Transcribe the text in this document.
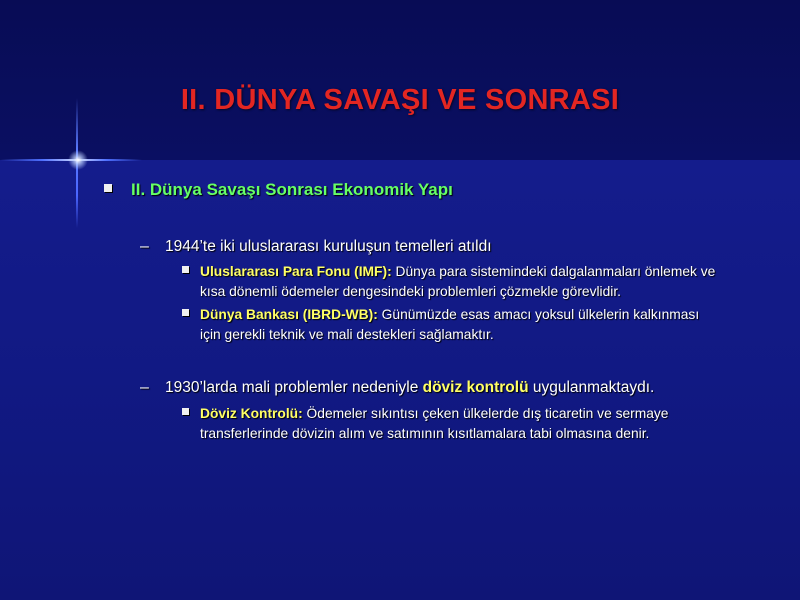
II. DÜNYA SAVAŞI VE SONRASI
II. Dünya Savaşı Sonrası Ekonomik Yapı
– 1944’te iki uluslararası kuruluşun temelleri atıldı
Uluslararası Para Fonu (IMF): Dünya para sistemindeki dalgalanmaları önlemek ve
kısa dönemli ödemeler dengesindeki problemleri çözmekle görevlidir.
Dünya Bankası (IBRD-WB): Günümüzde esas amacı yoksul ülkelerin kalkınması
için gerekli teknik ve mali destekleri sağlamaktır.
– 1930’larda mali problemler nedeniyle döviz kontrolü uygulanmaktaydı.
Döviz Kontrolü: Ödemeler sıkıntısı çeken ülkelerde dış ticaretin ve sermaye
transferlerinde dövizin alım ve satımının kısıtlamalara tabi olmasına denir.
